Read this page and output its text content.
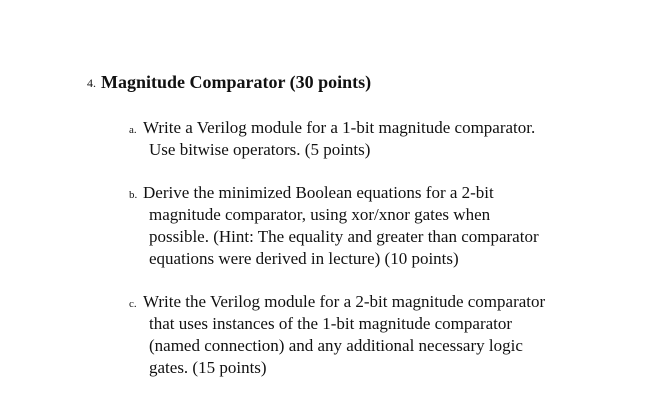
4. Magnitude Comparator (30 points)
a. Write a Verilog module for a 1-bit magnitude comparator.
Use bitwise operators. (5 points)
b. Derive the minimized Boolean equations for a 2-bit
magnitude comparator, using xor/xnor gates when
possible. (Hint: The equality and greater than comparator
equations were derived in lecture) (10 points)
c. Write the Verilog module for a 2-bit magnitude comparator
that uses instances of the 1-bit magnitude comparator
(named connection) and any additional necessary logic
gates. (15 points)
